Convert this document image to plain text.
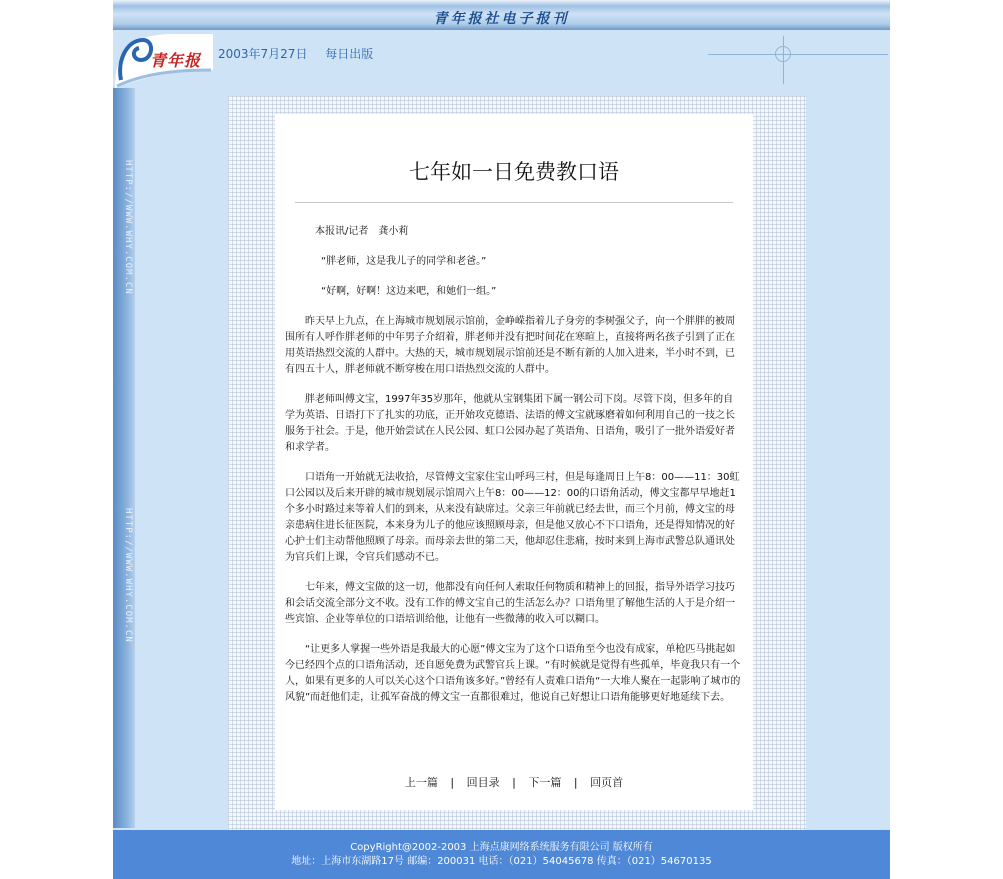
青年报社电子报刊
青年报 2003年7月27日 每日出版
HTTP://WWW.WHY.COM.CN
HTTP://WWW.WHY.COM.CN
七年如一日免费教口语

本报讯/记者　龚小莉

“胖老师，这是我儿子的同学和老爸。”

“好啊，好啊！这边来吧，和她们一组。”

昨天早上九点，在上海城市规划展示馆前，金峥嵘指着儿子身旁的李树强父子，向一个胖胖的被周围所有人呼作胖老师的中年男子介绍着，胖老师并没有把时间花在寒暄上，直接将两名孩子引到了正在用英语热烈交流的人群中。大热的天，城市规划展示馆前还是不断有新的人加入进来，半小时不到，已有四五十人，胖老师就不断穿梭在用口语热烈交流的人群中。

胖老师叫傅文宝，1997年35岁那年，他就从宝钢集团下属一钢公司下岗。尽管下岗，但多年的自学为英语、日语打下了扎实的功底，正开始攻克德语、法语的傅文宝就琢磨着如何利用自己的一技之长服务于社会。于是，他开始尝试在人民公园、虹口公园办起了英语角、日语角，吸引了一批外语爱好者和求学者。

口语角一开始就无法收拾，尽管傅文宝家住宝山呼玛三村，但是每逢周日上午8：00——11：30虹口公园以及后来开辟的城市规划展示馆周六上午8：00——12：00的口语角活动，傅文宝都早早地赶1个多小时路过来等着人们的到来，从来没有缺席过。父亲三年前就已经去世，而三个月前，傅文宝的母亲患病住进长征医院，本来身为儿子的他应该照顾母亲，但是他又放心不下口语角，还是得知情况的好心护士们主动帮他照顾了母亲。而母亲去世的第二天，他却忍住悲痛，按时来到上海市武警总队通讯处为官兵们上课，令官兵们感动不已。

七年来，傅文宝做的这一切，他都没有向任何人索取任何物质和精神上的回报，指导外语学习技巧和会话交流全部分文不收。没有工作的傅文宝自己的生活怎么办？口语角里了解他生活的人于是介绍一些宾馆、企业等单位的口语培训给他，让他有一些微薄的收入可以糊口。

“让更多人掌握一些外语是我最大的心愿”傅文宝为了这个口语角至今也没有成家，单枪匹马挑起如今已经四个点的口语角活动，还自愿免费为武警官兵上课。“有时候就是觉得有些孤单，毕竟我只有一个人，如果有更多的人可以关心这个口语角该多好。”曾经有人责难口语角“一大堆人聚在一起影响了城市的风貌”而赶他们走，让孤军奋战的傅文宝一直都很难过，他说自己好想让口语角能够更好地延续下去。

上一篇 | 回目录 | 下一篇 | 回页首
CopyRight@2002-2003 上海点康网络系统服务有限公司 版权所有
地址：上海市东湖路17号 邮编：200031 电话：（021）54045678 传真：（021）54670135
